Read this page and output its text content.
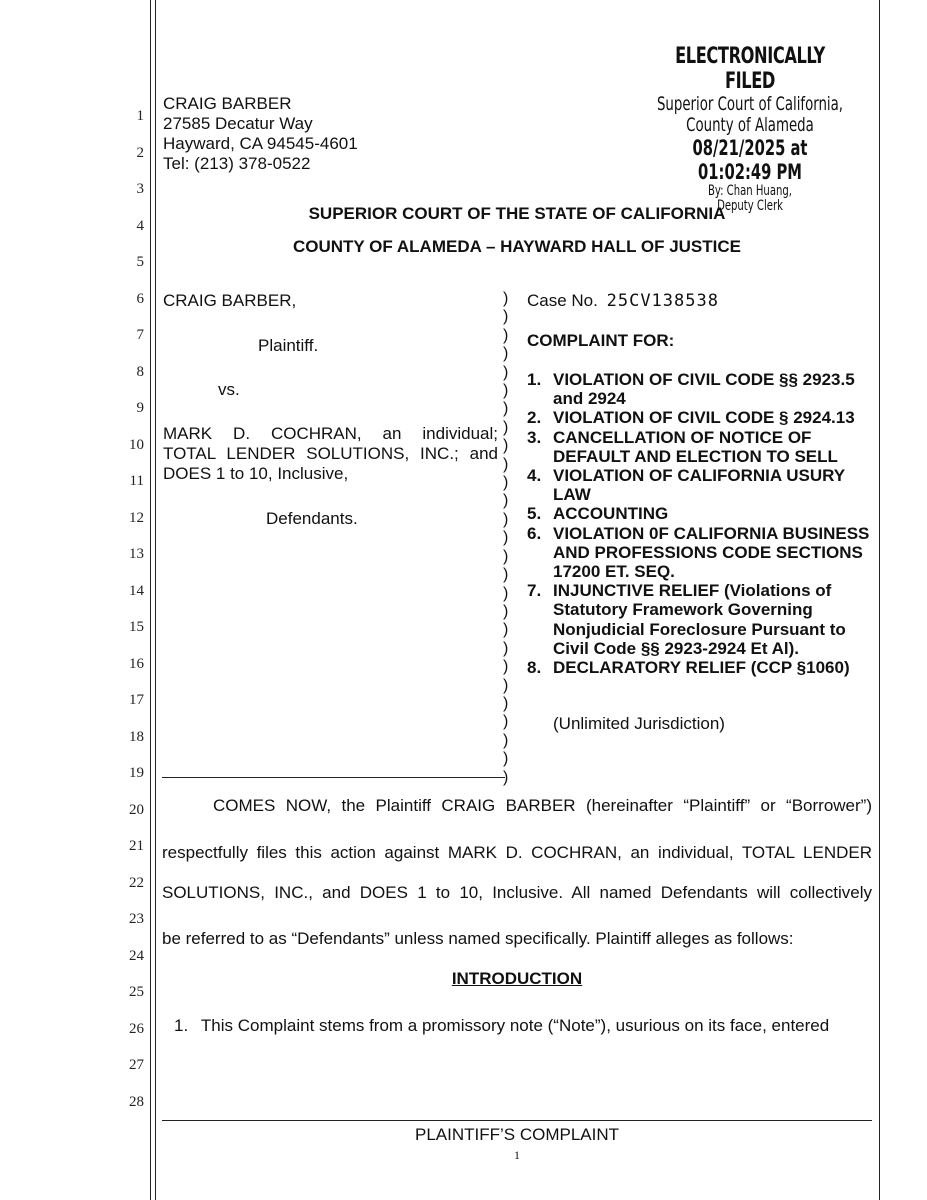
1
2
3
4
5
6
7
8
9
10
11
12
13
14
15
16
17
18
19
20
21
22
23
24
25
26
27
28
ELECTRONICALLY FILED
Superior Court of California,
County of Alameda
08/21/2025 at 01:02:49 PM
By: Chan Huang,
Deputy Clerk
CRAIG BARBER
27585 Decatur Way
Hayward, CA 94545-4601
Tel: (213) 378-0522
SUPERIOR COURT OF THE STATE OF CALIFORNIA
COUNTY OF ALAMEDA – HAYWARD HALL OF JUSTICE
CRAIG BARBER,
Plaintiff.
vs.
MARK D. COCHRAN, an individual;
TOTAL LENDER SOLUTIONS, INC.; and
DOES 1 to 10, Inclusive,
Defendants.
)
)
)
)
)
)
)
)
)
)
)
)
)
)
)
)
)
)
)
)
)
)
)
)
)
)
)
Case No. 25CV138538
COMPLAINT FOR:
1. VIOLATION OF CIVIL CODE §§ 2923.5 and 2924
2. VIOLATION OF CIVIL CODE § 2924.13
3. CANCELLATION OF NOTICE OF DEFAULT AND ELECTION TO SELL
4. VIOLATION OF CALIFORNIA USURY LAW
5. ACCOUNTING
6. VIOLATION 0F CALIFORNIA BUSINESS AND PROFESSIONS CODE SECTIONS 17200 ET. SEQ.
7. INJUNCTIVE RELIEF (Violations of Statutory Framework Governing Nonjudicial Foreclosure Pursuant to Civil Code §§ 2923-2924 Et Al).
8. DECLARATORY RELIEF (CCP §1060)
(Unlimited Jurisdiction)
COMES NOW, the Plaintiff CRAIG BARBER (hereinafter “Plaintiff” or “Borrower”)
respectfully files this action against MARK D. COCHRAN, an individual, TOTAL LENDER
SOLUTIONS, INC., and DOES 1 to 10, Inclusive. All named Defendants will collectively
be referred to as “Defendants” unless named specifically. Plaintiff alleges as follows:
INTRODUCTION
1. This Complaint stems from a promissory note (“Note”), usurious on its face, entered
PLAINTIFF’S COMPLAINT
1
